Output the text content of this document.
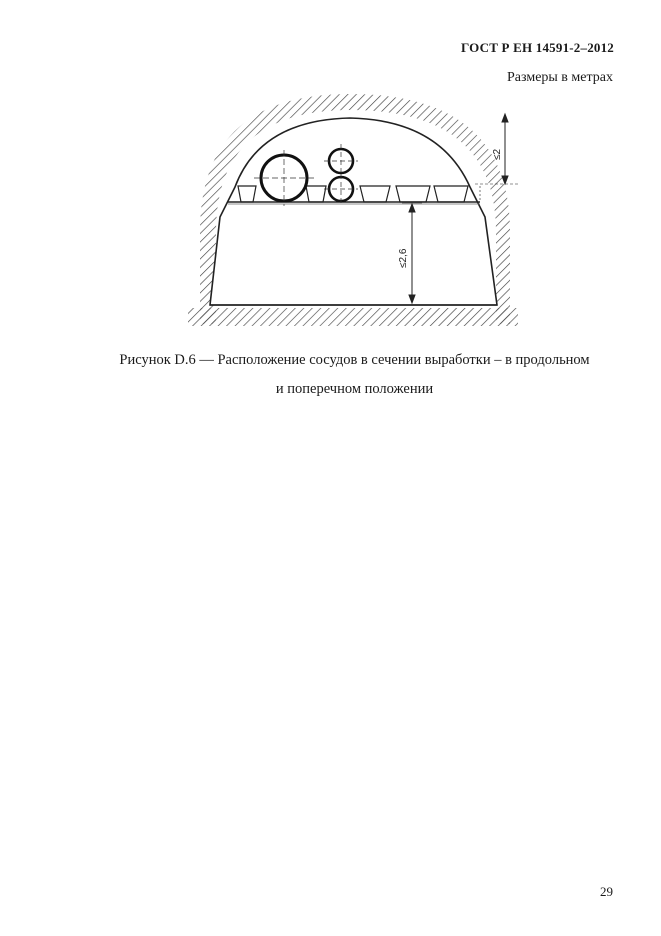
ГОСТ Р ЕН 14591-2–2012
Размеры в метрах
≤2,6
≤2
Рисунок D.6 — Расположение сосудов в сечении выработки – в продольном
и поперечном положении
29
